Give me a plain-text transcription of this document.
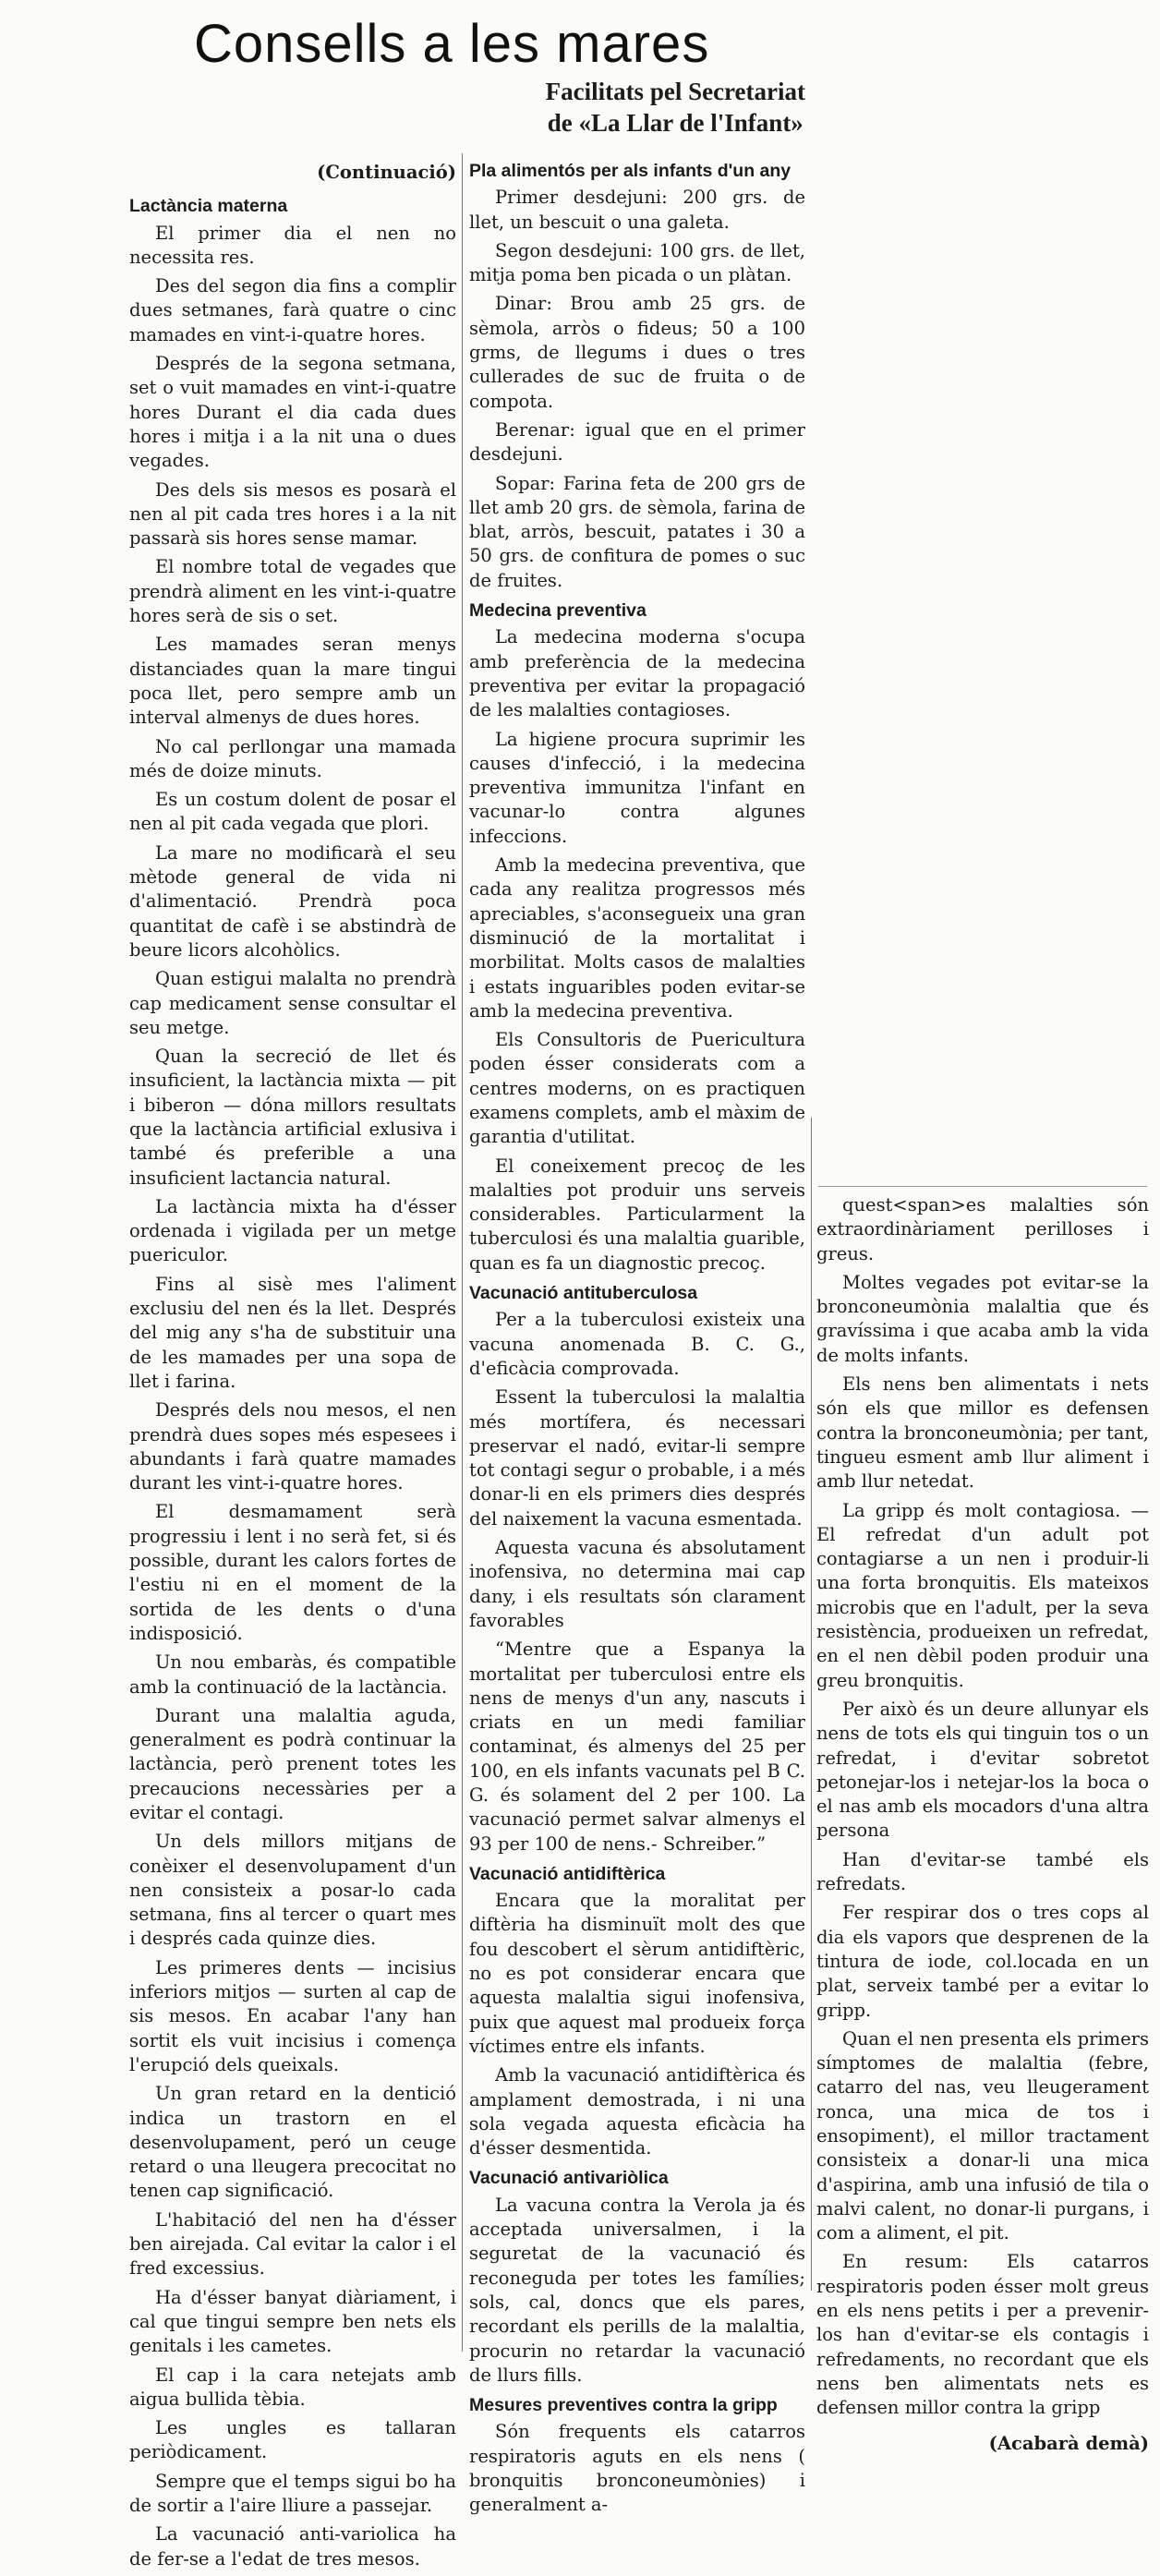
Consells a les mares
Facilitats pel Secretariat
de «La Llar de l'Infant»
(Continuació)
Lactància materna

El primer dia el nen no necessita res.

Des del segon dia fins a complir dues setmanes, farà quatre o cinc mamades en vint-i-quatre hores.

Després de la segona setmana, set o vuit mamades en vint-i-quatre hores Durant el dia cada dues hores i mitja i a la nit una o dues vegades.

Des dels sis mesos es posarà el nen al pit cada tres hores i a la nit passarà sis hores sense mamar.

El nombre total de vegades que prendrà aliment en les vint-i-quatre hores serà de sis o set.

Les mamades seran menys distanciades quan la mare tingui poca llet, pero sempre amb un interval almenys de dues hores.

No cal perllongar una mamada més de doize minuts.

Es un costum dolent de posar el nen al pit cada vegada que plori.

La mare no modificarà el seu mètode general de vida ni d'alimentació. Prendrà poca quantitat de cafè i se abstindrà de beure licors alcohòlics.

Quan estigui malalta no prendrà cap medicament sense consultar el seu metge.

Quan la secreció de llet és insuficient, la lactància mixta — pit i biberon — dóna millors resultats que la lactància artificial exlusiva i també és preferible a una insuficient lactancia natural.

La lactància mixta ha d'ésser ordenada i vigilada per un metge puericulor.

Fins al sisè mes l'aliment exclusiu del nen és la llet. Després del mig any s'ha de substituir una de les mamades per una sopa de llet i farina.

Després dels nou mesos, el nen prendrà dues sopes més espesees i abundants i farà quatre mamades durant les vint-i-quatre hores.

El desmamament serà progressiu i lent i no serà fet, si és possible, durant les calors fortes de l'estiu ni en el moment de la sortida de les dents o d'una indisposició.

Un nou embaràs, és compatible amb la continuació de la lactància.

Durant una malaltia aguda, generalment es podrà continuar la lactància, però prenent totes les precaucions necessàries per a evitar el contagi.

Un dels millors mitjans de conèixer el desenvolupament d'un nen consisteix a posar-lo cada setmana, fins al tercer o quart mes i després cada quinze dies.

Les primeres dents — incisius inferiors mitjos — surten al cap de sis mesos. En acabar l'any han sortit els vuit incisius i comença l'erupció dels queixals.

Un gran retard en la dentició indica un trastorn en el desenvolupament, peró un ceuge retard o una lleugera precocitat no tenen cap significació.

L'habitació del nen ha d'ésser ben airejada. Cal evitar la calor i el fred excessius.

Ha d'ésser banyat diàriament, i cal que tingui sempre ben nets els genitals i les cametes.

El cap i la cara netejats amb aigua bullida tèbia.

Les ungles es tallaran periòdicament.

Sempre que el temps sigui bo ha de sortir a l'aire lliure a passejar.

La vacunació anti-variolica ha de fer-se a l'edat de tres mesos.

Pla alimentós per als infants d'un any

Primer desdejuni: 200 grs. de llet, un bescuit o una galeta.

Segon desdejuni: 100 grs. de llet, mitja poma ben picada o un plàtan.

Dinar: Brou amb 25 grs. de sèmola, arròs o fideus; 50 a 100 grms, de llegums i dues o tres cullerades de suc de fruita o de compota.

Berenar: igual que en el primer desdejuni.

Sopar: Farina feta de 200 grs de llet amb 20 grs. de sèmola, farina de blat, arròs, bescuit, patates i 30 a 50 grs. de confitura de pomes o suc de fruites.

Medecina preventiva

La medecina moderna s'ocupa amb preferència de la medecina preventiva per evitar la propagació de les malalties contagioses.

La higiene procura suprimir les causes d'infecció, i la medecina preventiva immunitza l'infant en vacunar-lo contra algunes infeccions.

Amb la medecina preventiva, que cada any realitza progressos més apreciables, s'aconsegueix una gran disminució de la mortalitat i morbilitat. Molts casos de malalties i estats inguaribles poden evitar-se amb la medecina preventiva.

Els Consultoris de Puericultura poden ésser considerats com a centres moderns, on es practiquen examens complets, amb el màxim de garantia d'utilitat.

El coneixement precoç de les malalties pot produir uns serveis considerables. Particularment la tuberculosi és una malaltia guarible, quan es fa un diagnostic precoç.

Vacunació antituberculosa

Per a la tuberculosi existeix una vacuna anomenada B. C. G., d'eficàcia comprovada.

Essent la tuberculosi la malaltia més mortífera, és necessari preservar el nadó, evitar-li sempre tot contagi segur o probable, i a més donar-li en els primers dies després del naixement la vacuna esmentada.

Aquesta vacuna és absolutament inofensiva, no determina mai cap dany, i els resultats són clarament favorables

“Mentre que a Espanya la mortalitat per tuberculosi entre els nens de menys d'un any, nascuts i criats en un medi familiar contaminat, és almenys del 25 per 100, en els infants vacunats pel B C. G. és solament del 2 per 100. La vacunació permet salvar almenys el 93 per 100 de nens.- Schreiber.”

Vacunació antidiftèrica

Encara que la moralitat per diftèria ha disminuït molt des que fou descobert el sèrum antidiftèric, no es pot considerar encara que aquesta malaltia sigui inofensiva, puix que aquest mal produeix força víctimes entre els infants.

Amb la vacunació antidiftèrica és amplament demostrada, i ni una sola vegada aquesta eficàcia ha d'ésser desmentida.

Vacunació antivariòlica

La vacuna contra la Verola ja és acceptada universalmen, i la seguretat de la vacunació és reconeguda per totes les famílies; sols, cal, doncs que els pares, recordant els perills de la malaltia, procurin no retardar la vacunació de llurs fills.

Mesures preventives contra la gripp

Són frequents els catarros respiratoris aguts en els nens ( bronquitis bronconeumònies) i generalment a-

quest<span>es malalties són extraordinàriament perilloses i greus.

Moltes vegades pot evitar-se la bronconeumònia malaltia que és gravíssima i que acaba amb la vida de molts infants.

Els nens ben alimentats i nets són els que millor es defensen contra la bronconeumònia; per tant, tingueu esment amb llur aliment i amb llur netedat.

La gripp és molt contagiosa. — El refredat d'un adult pot contagiarse a un nen i produir-li una forta bronquitis. Els mateixos microbis que en l'adult, per la seva resistència, produeixen un refredat, en el nen dèbil poden produir una greu bronquitis.

Per això és un deure allunyar els nens de tots els qui tinguin tos o un refredat, i d'evitar sobretot petonejar-los i netejar-los la boca o el nas amb els mocadors d'una altra persona

Han d'evitar-se també els refredats.

Fer respirar dos o tres cops al dia els vapors que desprenen de la tintura de iode, col.locada en un plat, serveix també per a evitar lo gripp.

Quan el nen presenta els primers símptomes de malaltia (febre, catarro del nas, veu lleugerament ronca, una mica de tos i ensopiment), el millor tractament consisteix a donar-li una mica d'aspirina, amb una infusió de tila o malvi calent, no donar-li purgans, i com a aliment, el pit.

En resum: Els catarros respiratoris poden ésser molt greus en els nens petits i per a prevenir-los han d'evitar-se els contagis i refredaments, no recordant que els nens ben alimentats nets es defensen millor contra la gripp

(Acabarà demà)
